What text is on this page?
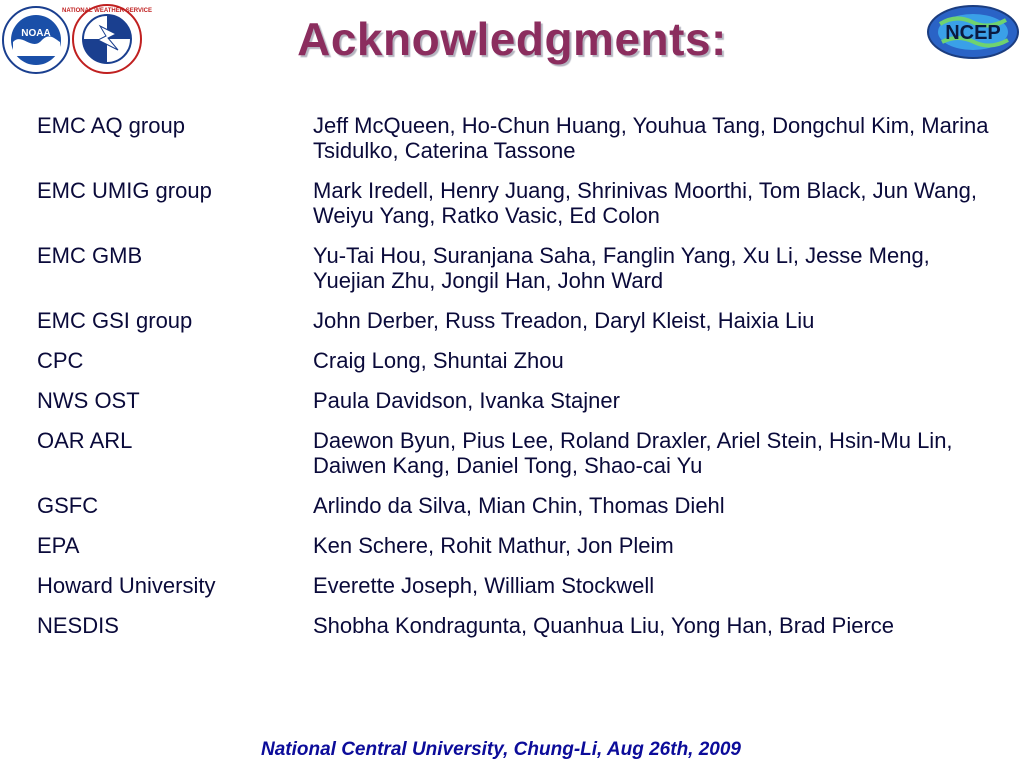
NOAA
NATIONAL WEATHER SERVICE
NCEP
Acknowledgments:
EMC AQ group	Jeff McQueen, Ho-Chun Huang, Youhua Tang, Dongchul Kim, Marina Tsidulko, Caterina Tassone
EMC UMIG group	Mark Iredell, Henry Juang, Shrinivas Moorthi, Tom Black, Jun Wang, Weiyu Yang, Ratko Vasic, Ed Colon
EMC GMB	Yu-Tai Hou, Suranjana Saha, Fanglin Yang, Xu Li, Jesse Meng, Yuejian Zhu, Jongil Han, John Ward
EMC GSI group	John Derber, Russ Treadon, Daryl Kleist, Haixia Liu
CPC	Craig Long, Shuntai Zhou
NWS OST	Paula Davidson, Ivanka Stajner
OAR ARL	Daewon Byun, Pius Lee, Roland Draxler, Ariel Stein, Hsin-Mu Lin, Daiwen Kang, Daniel Tong, Shao-cai Yu
GSFC	Arlindo da Silva, Mian Chin, Thomas Diehl
EPA	Ken Schere, Rohit Mathur, Jon Pleim
Howard University	Everette Joseph, William Stockwell
NESDIS	Shobha Kondragunta, Quanhua Liu, Yong Han, Brad Pierce
National Central University, Chung-Li, Aug 26th, 2009
